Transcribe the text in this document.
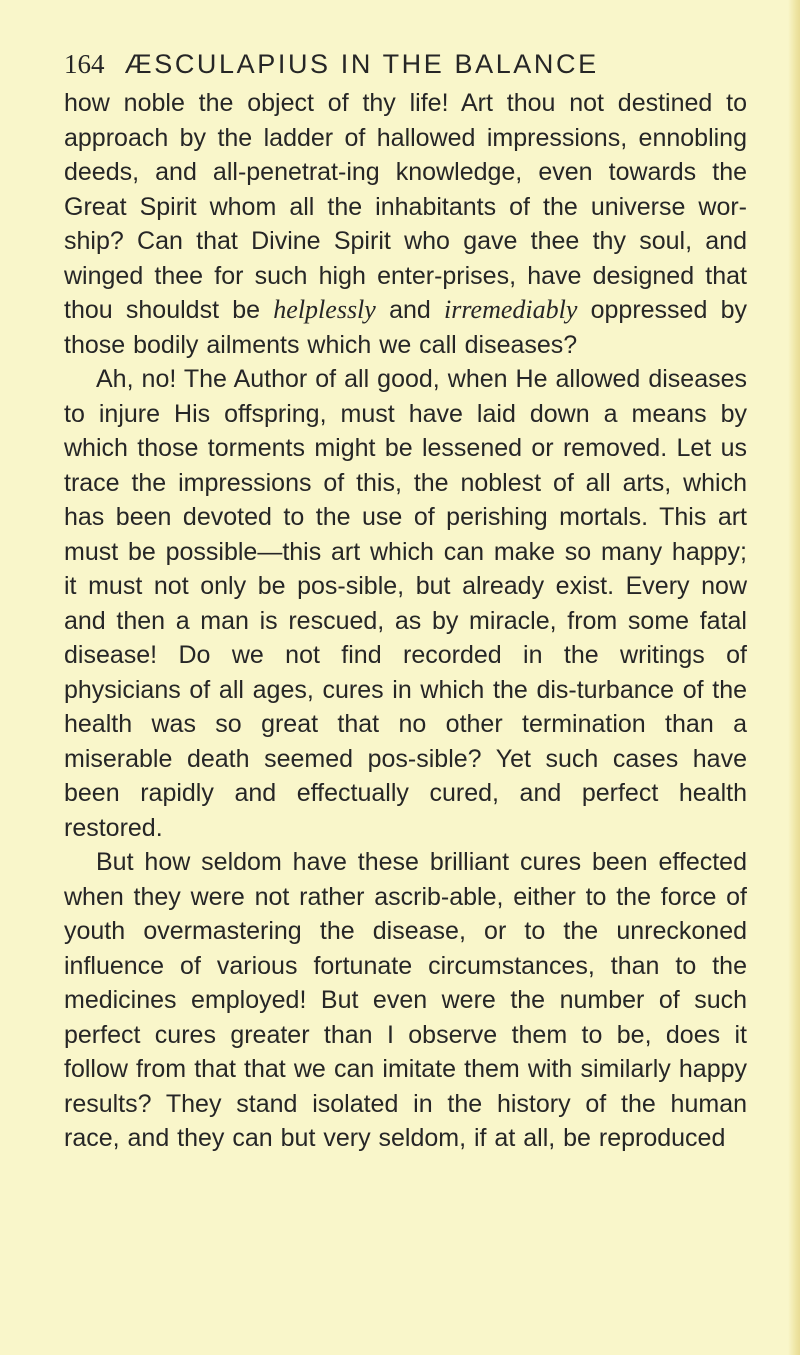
164 ÆSCULAPIUS IN THE BALANCE

how noble the object of thy life! Art thou not destined to approach by the ladder of hallowed impressions, ennobling deeds, and all-penetrat-ing knowledge, even towards the Great Spirit whom all the inhabitants of the universe wor-ship? Can that Divine Spirit who gave thee thy soul, and winged thee for such high enter-prises, have designed that thou shouldst be helplessly and irremediably oppressed by those bodily ailments which we call diseases?

Ah, no! The Author of all good, when He allowed diseases to injure His offspring, must have laid down a means by which those torments might be lessened or removed. Let us trace the impressions of this, the noblest of all arts, which has been devoted to the use of perishing mortals. This art must be possible—this art which can make so many happy; it must not only be pos-sible, but already exist. Every now and then a man is rescued, as by miracle, from some fatal disease! Do we not find recorded in the writings of physicians of all ages, cures in which the dis-turbance of the health was so great that no other termination than a miserable death seemed pos-sible? Yet such cases have been rapidly and effectually cured, and perfect health restored.

But how seldom have these brilliant cures been effected when they were not rather ascrib-able, either to the force of youth overmastering the disease, or to the unreckoned influence of various fortunate circumstances, than to the medicines employed! But even were the number of such perfect cures greater than I observe them to be, does it follow from that that we can imitate them with similarly happy results? They stand isolated in the history of the human race, and they can but very seldom, if at all, be reproduced
